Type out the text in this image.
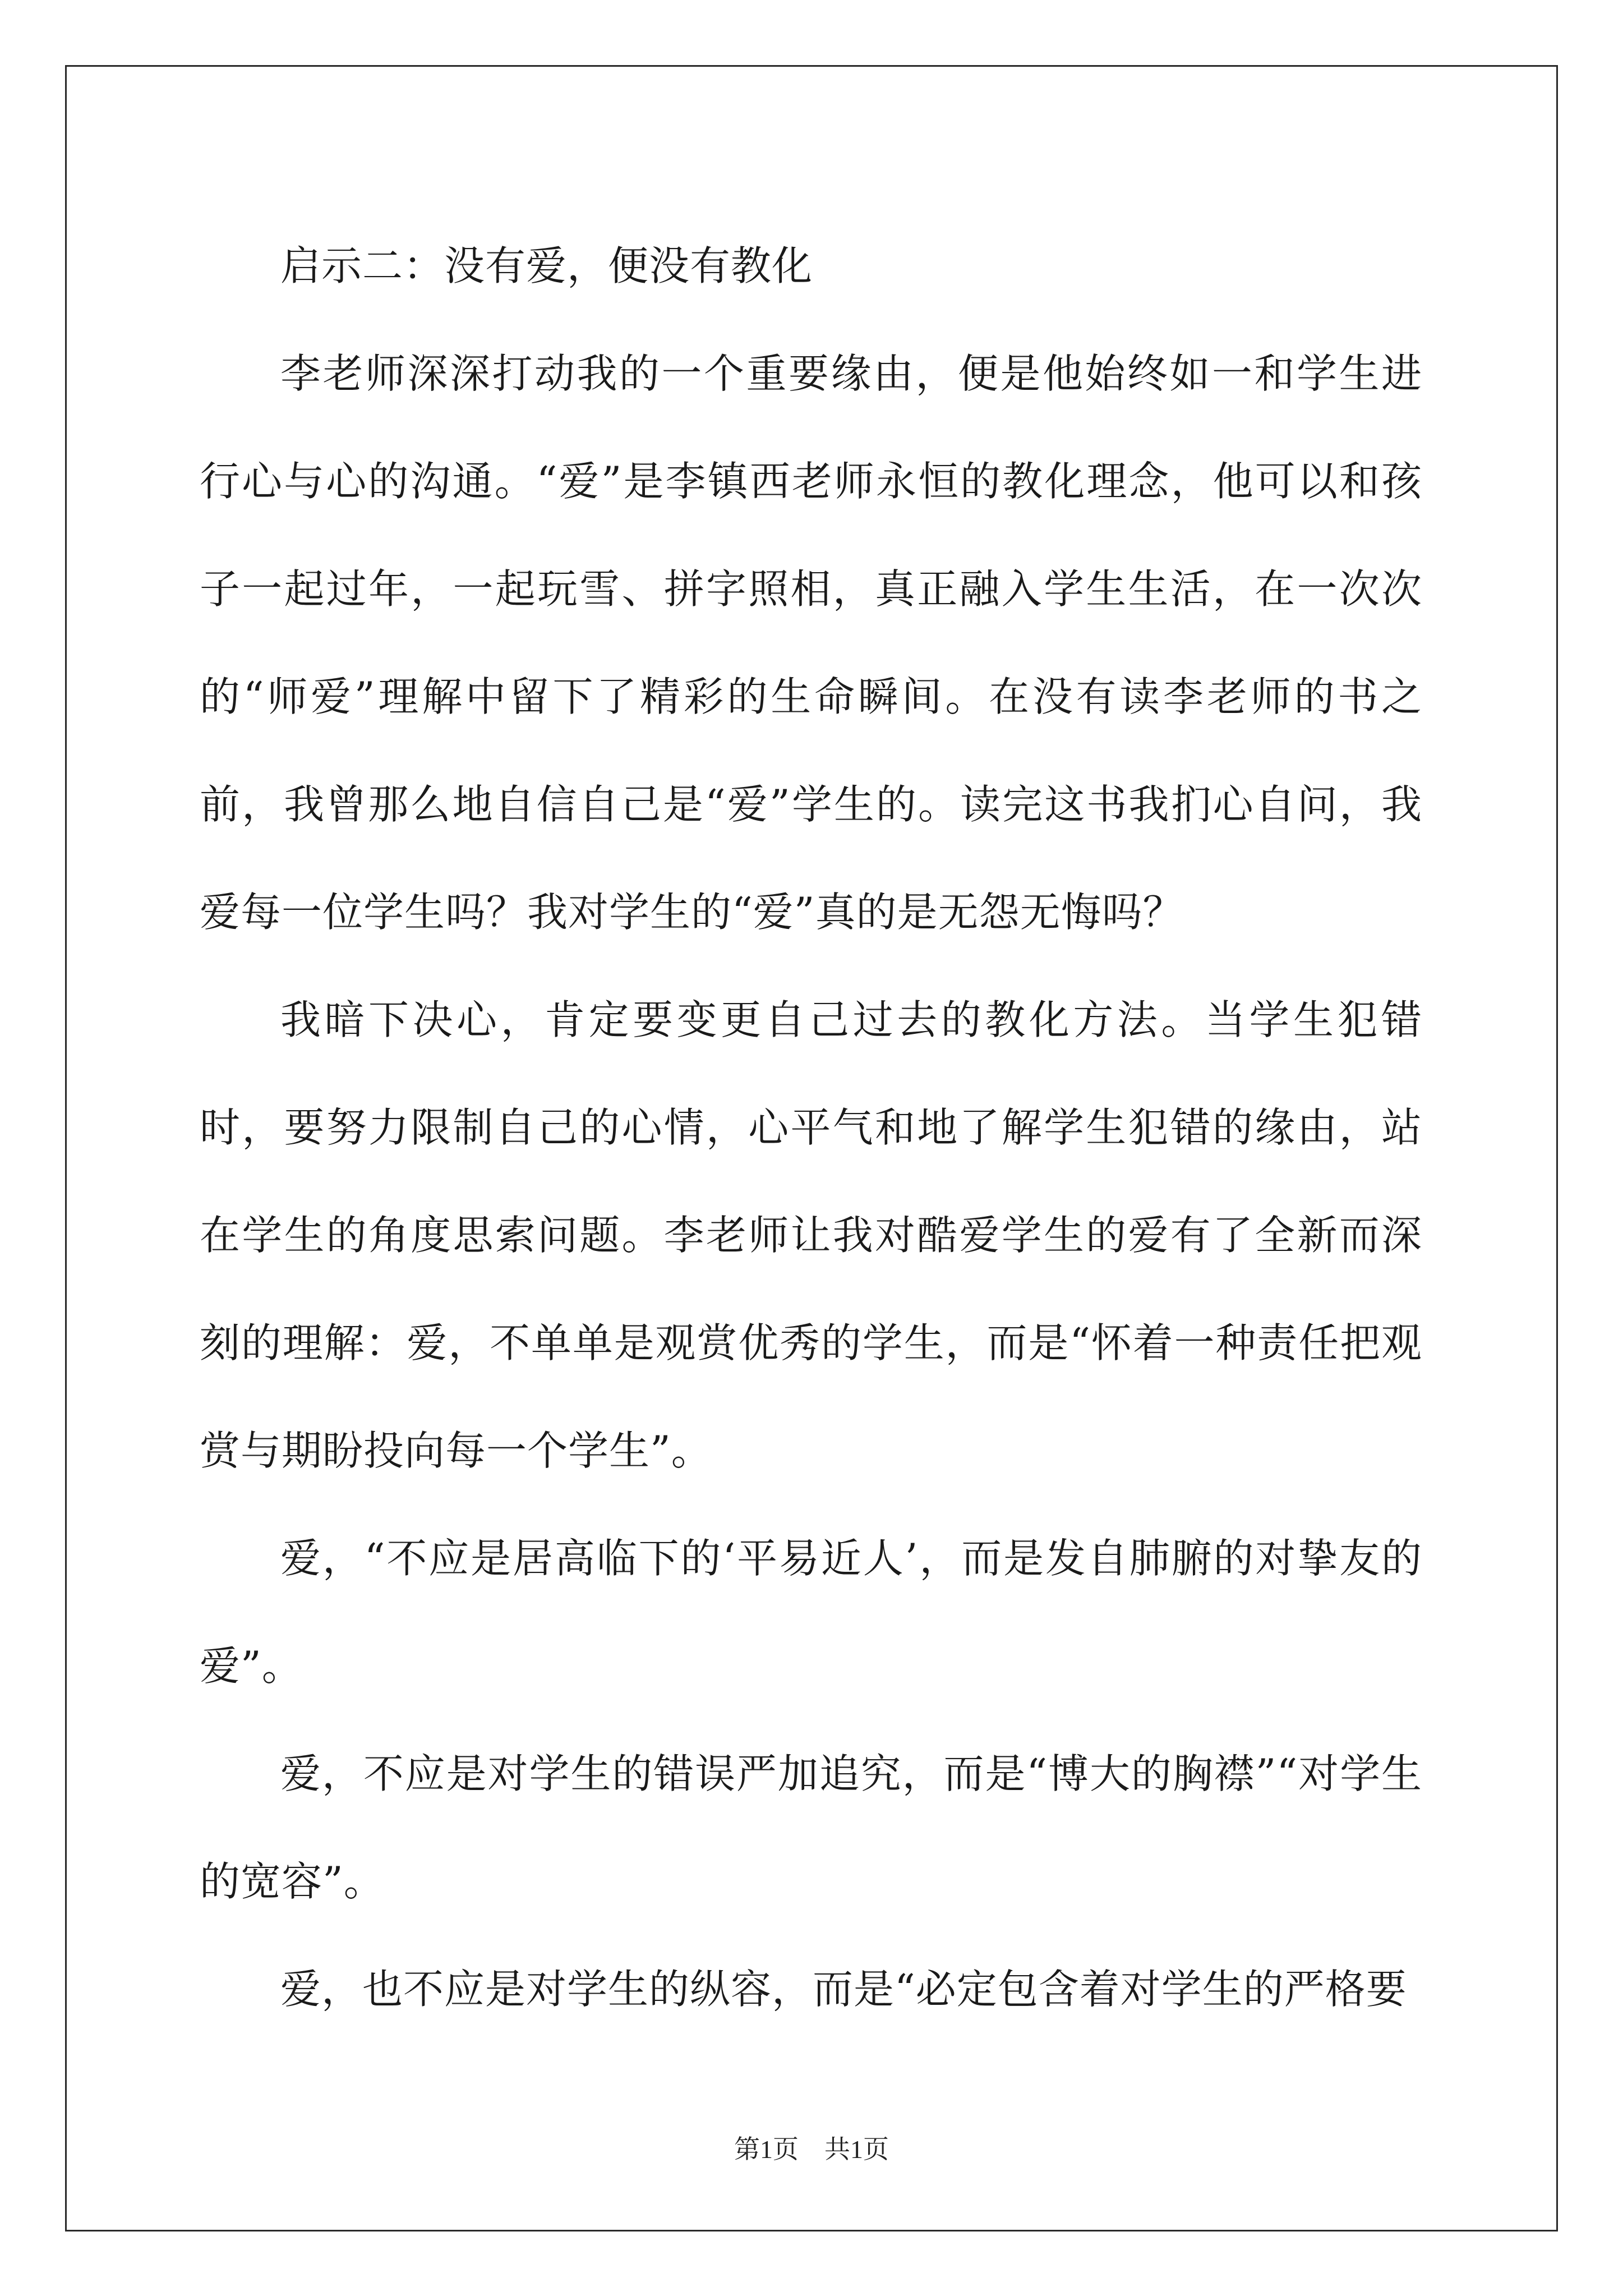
启示二：没有爱，便没有教化

李老师深深打动我的一个重要缘由，便是他始终如一和学生进行心与心的沟通。“爱”是李镇西老师永恒的教化理念，他可以和孩子一起过年，一起玩雪、拼字照相，真正融入学生生活，在一次次的“师爱”理解中留下了精彩的生命瞬间。在没有读李老师的书之前，我曾那么地自信自己是“爱”学生的。读完这书我扪心自问，我爱每一位学生吗？我对学生的“爱”真的是无怨无悔吗？

我暗下决心，肯定要变更自己过去的教化方法。当学生犯错时，要努力限制自己的心情，心平气和地了解学生犯错的缘由，站在学生的角度思索问题。李老师让我对酷爱学生的爱有了全新而深刻的理解：爱，不单单是观赏优秀的学生，而是“怀着一种责任把观赏与期盼投向每一个学生”。

爱，“不应是居高临下的‘平易近人’，而是发自肺腑的对挚友的爱”。

爱，不应是对学生的错误严加追究，而是“博大的胸襟”“对学生的宽容”。

爱，也不应是对学生的纵容，而是“必定包含着对学生的严格要

第1页　共1页
